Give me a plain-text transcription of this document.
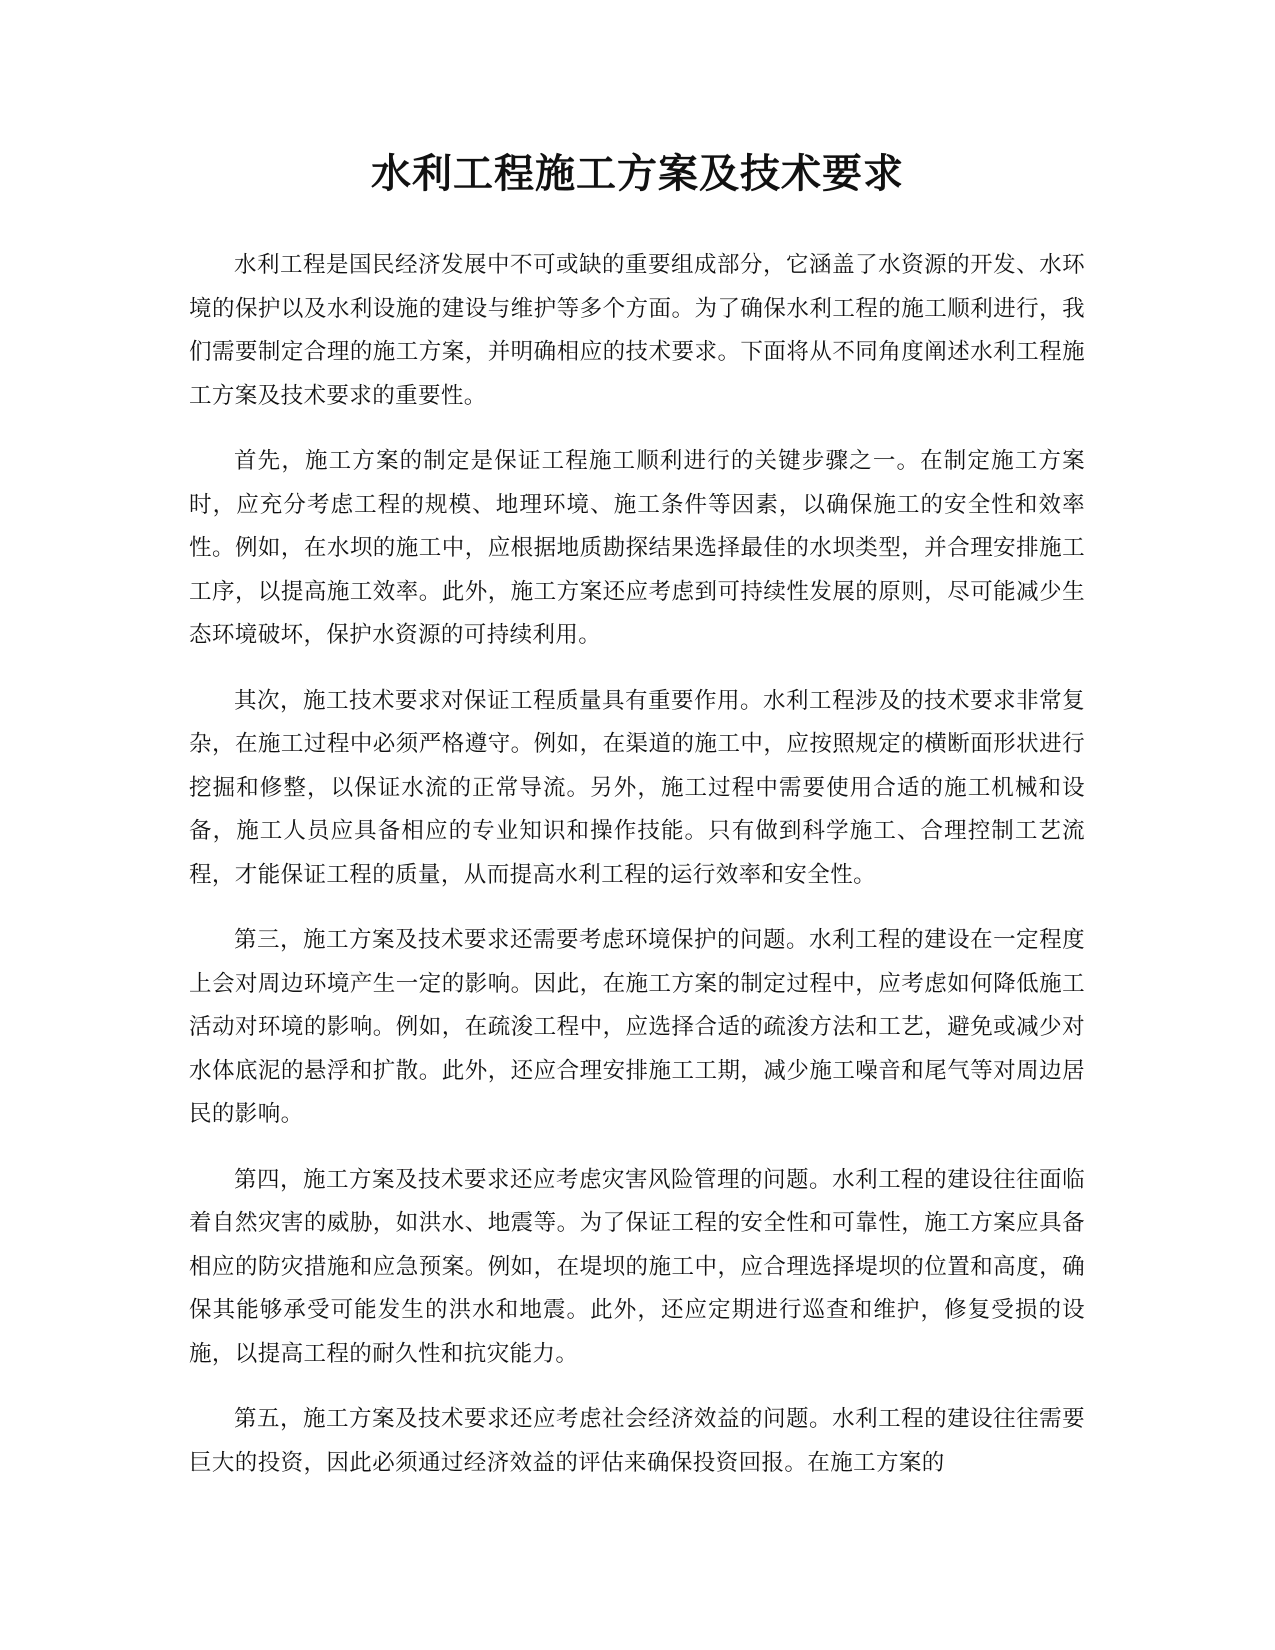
水利工程施工方案及技术要求

水利工程是国民经济发展中不可或缺的重要组成部分，它涵盖了水资源的开发、水环境的保护以及水利设施的建设与维护等多个方面。为了确保水利工程的施工顺利进行，我们需要制定合理的施工方案，并明确相应的技术要求。下面将从不同角度阐述水利工程施工方案及技术要求的重要性。

首先，施工方案的制定是保证工程施工顺利进行的关键步骤之一。在制定施工方案时，应充分考虑工程的规模、地理环境、施工条件等因素，以确保施工的安全性和效率性。例如，在水坝的施工中，应根据地质勘探结果选择最佳的水坝类型，并合理安排施工工序，以提高施工效率。此外，施工方案还应考虑到可持续性发展的原则，尽可能减少生态环境破坏，保护水资源的可持续利用。

其次，施工技术要求对保证工程质量具有重要作用。水利工程涉及的技术要求非常复杂，在施工过程中必须严格遵守。例如，在渠道的施工中，应按照规定的横断面形状进行挖掘和修整，以保证水流的正常导流。另外，施工过程中需要使用合适的施工机械和设备，施工人员应具备相应的专业知识和操作技能。只有做到科学施工、合理控制工艺流程，才能保证工程的质量，从而提高水利工程的运行效率和安全性。

第三，施工方案及技术要求还需要考虑环境保护的问题。水利工程的建设在一定程度上会对周边环境产生一定的影响。因此，在施工方案的制定过程中，应考虑如何降低施工活动对环境的影响。例如，在疏浚工程中，应选择合适的疏浚方法和工艺，避免或减少对水体底泥的悬浮和扩散。此外，还应合理安排施工工期，减少施工噪音和尾气等对周边居民的影响。

第四，施工方案及技术要求还应考虑灾害风险管理的问题。水利工程的建设往往面临着自然灾害的威胁，如洪水、地震等。为了保证工程的安全性和可靠性，施工方案应具备相应的防灾措施和应急预案。例如，在堤坝的施工中，应合理选择堤坝的位置和高度，确保其能够承受可能发生的洪水和地震。此外，还应定期进行巡查和维护，修复受损的设施，以提高工程的耐久性和抗灾能力。

第五，施工方案及技术要求还应考虑社会经济效益的问题。水利工程的建设往往需要巨大的投资，因此必须通过经济效益的评估来确保投资回报。在施工方案的
